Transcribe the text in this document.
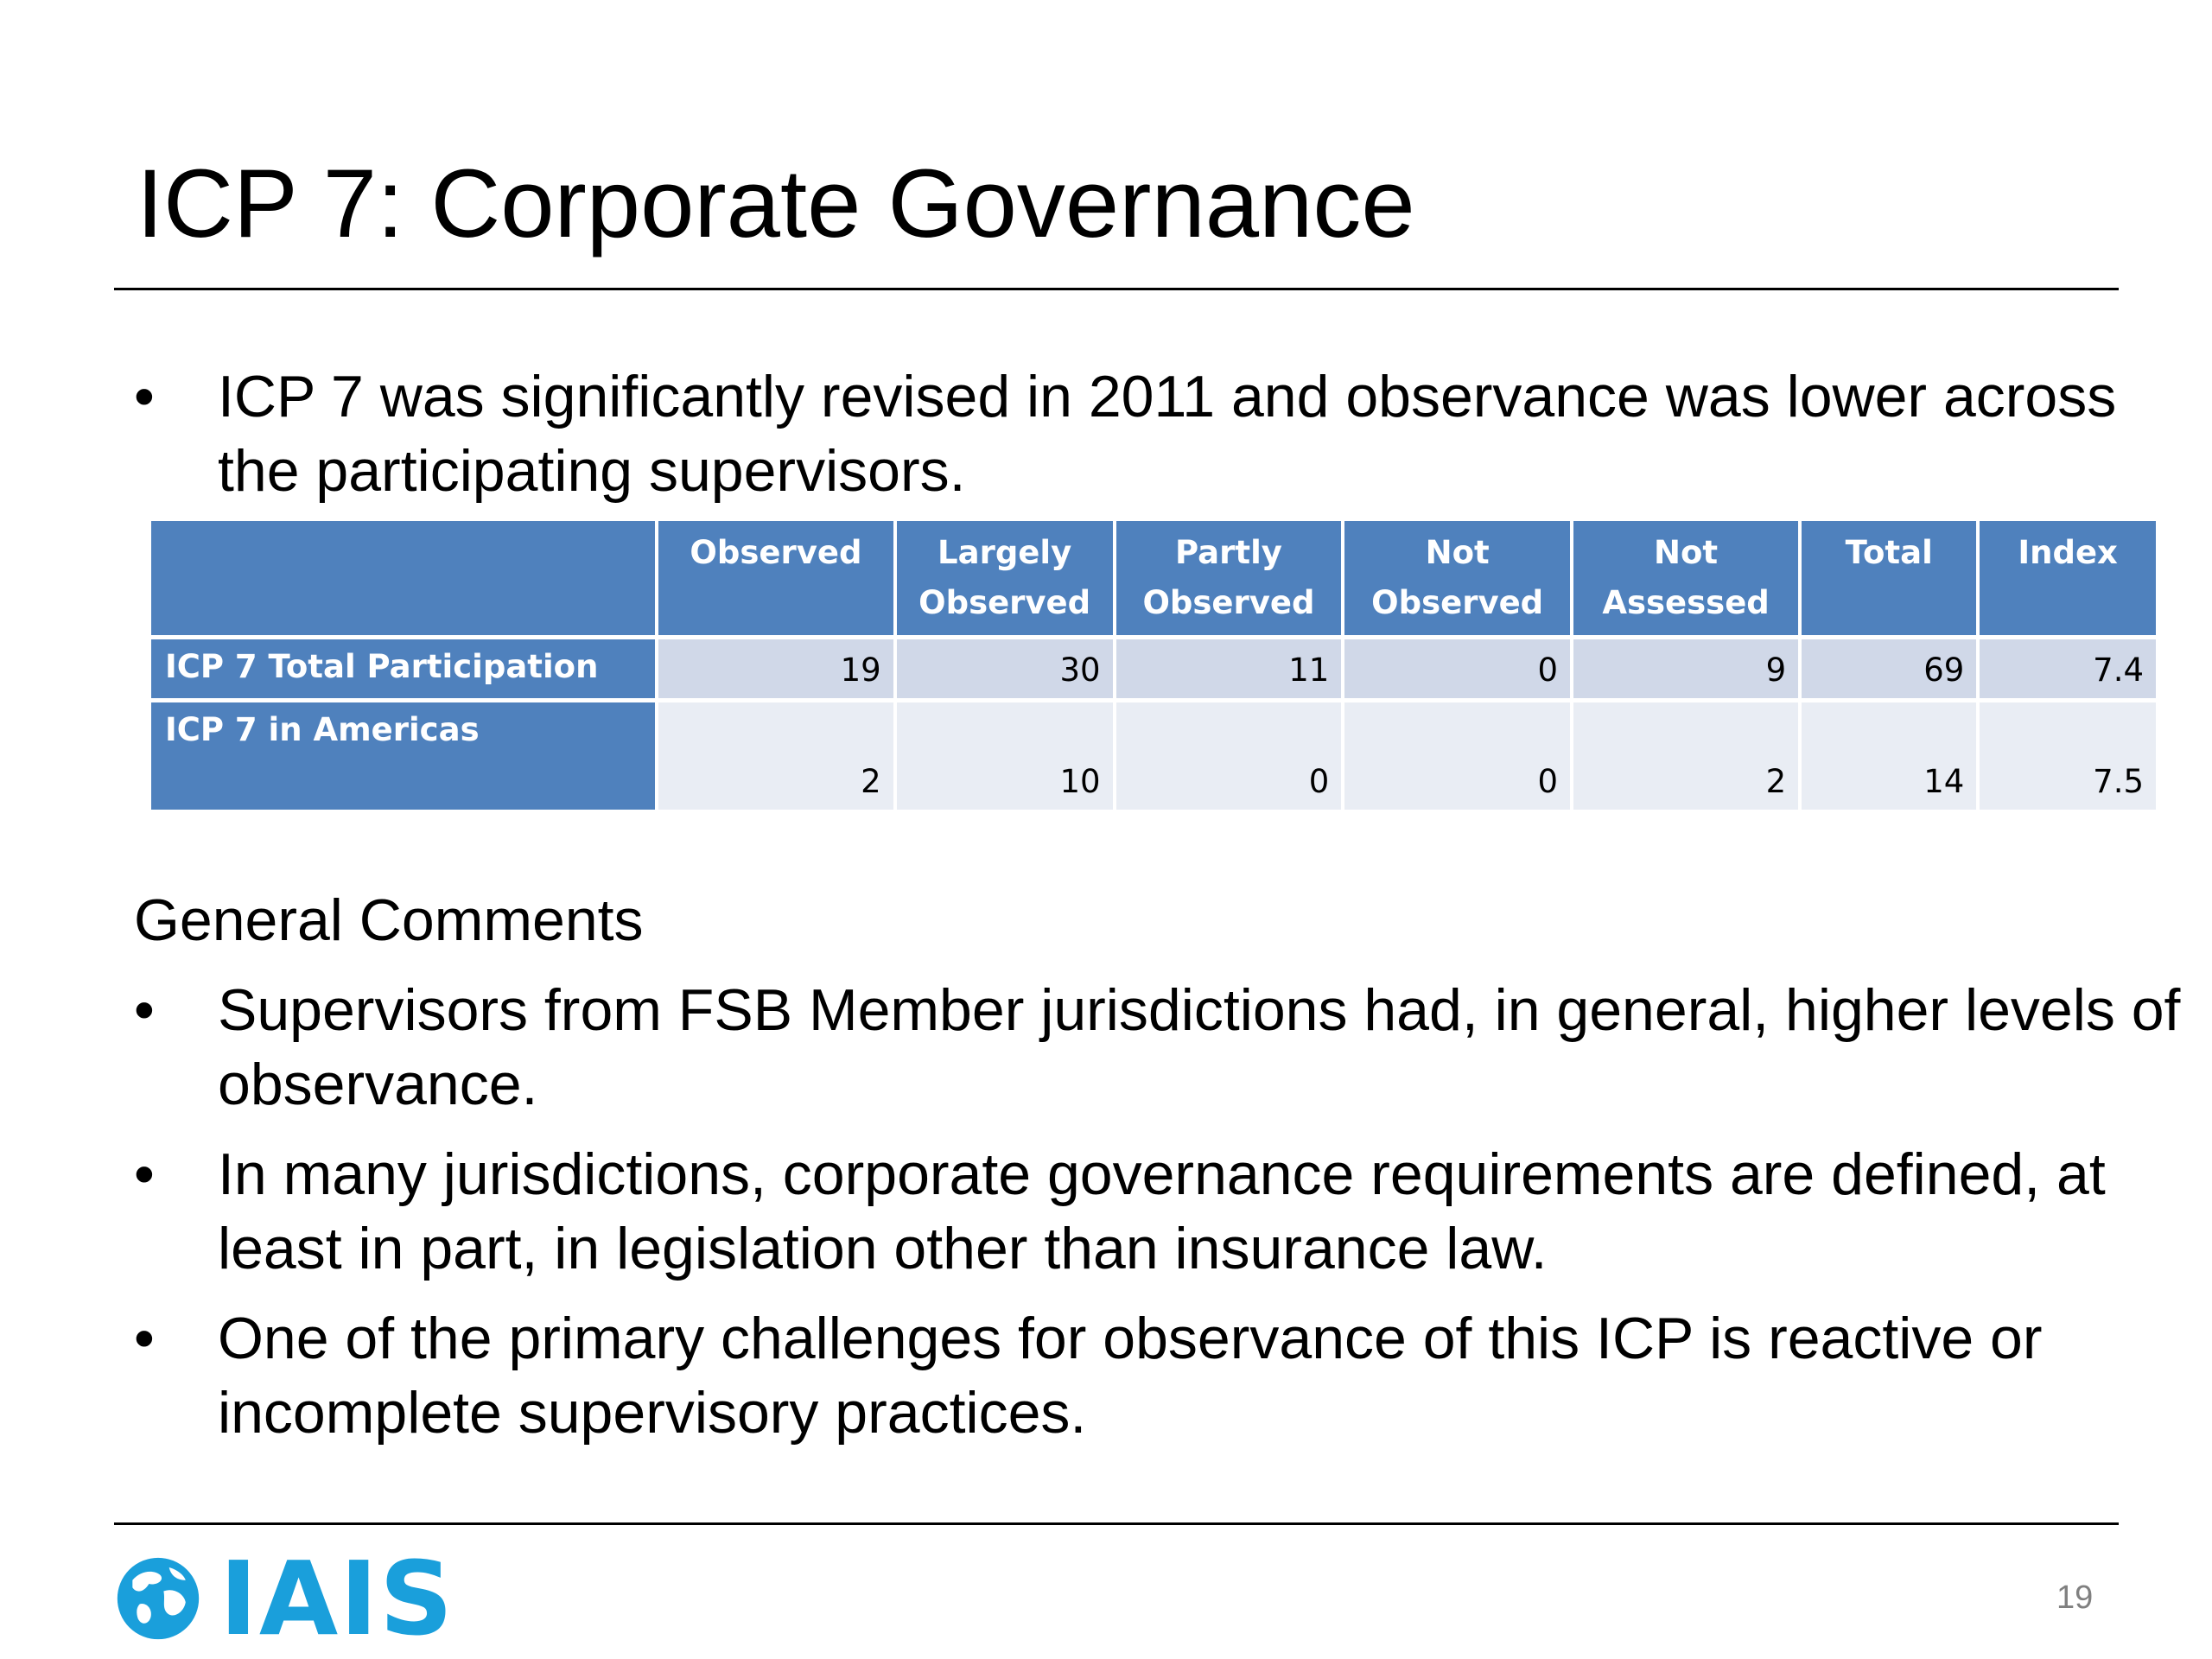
ICP 7: Corporate Governance
•	ICP 7 was significantly revised in 2011 and observance was lower across the participating supervisors.
	Observed	Largely Observed	Partly Observed	Not Observed	Not Assessed	Total	Index
ICP 7 Total Participation	19	30	11	0	9	69	7.4
ICP 7 in Americas	2	10	0	0	2	14	7.5
General Comments
•	Supervisors from FSB Member jurisdictions had, in general, higher levels of observance.
•	In many jurisdictions, corporate governance requirements are defined, at least in part, in legislation other than insurance law.
•	One of the primary challenges for observance of this ICP is reactive or incomplete supervisory practices.
IAIS	19
